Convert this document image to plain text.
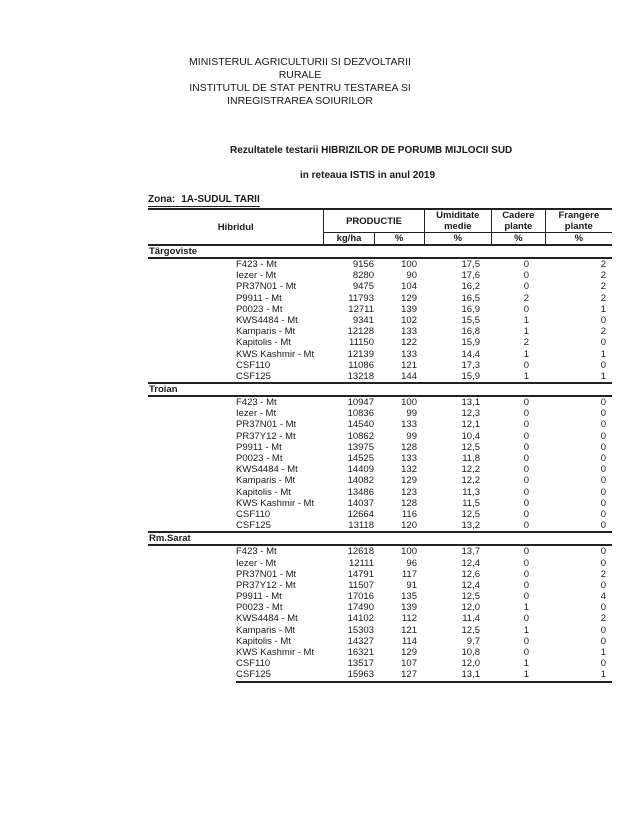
MINISTERUL AGRICULTURII SI DEZVOLTARII RURALE
INSTITUTUL DE STAT PENTRU TESTAREA SI
INREGISTRAREA SOIURILOR
Rezultatele testarii HIBRIZILOR DE PORUMB MIJLOCII SUD
in reteaua ISTIS in anul 2019
Zona: 1A-SUDUL TARII
Hibridul
PRODUCTIE
kg/ha	%
Umiditate medie
%
Cadere plante
%
Frangere plante
%
Târgoviste
F423 - Mt	9156	100	17,5	0	2
Iezer - Mt	8280	90	17,6	0	2
PR37N01 - Mt	9475	104	16,2	0	2
P9911 - Mt	11793	129	16,5	2	2
P0023 - Mt	12711	139	16,9	0	1
KWS4484 - Mt	9341	102	15,5	1	0
Kamparis - Mt	12128	133	16,8	1	2
Kapitolis - Mt	11150	122	15,9	2	0
KWS Kashmir - Mt	12139	133	14,4	1	1
CSF110	11086	121	17,3	0	0
CSF125	13218	144	15,9	1	1
Troian
F423 - Mt	10947	100	13,1	0	0
Iezer - Mt	10836	99	12,3	0	0
PR37N01 - Mt	14540	133	12,1	0	0
PR37Y12 - Mt	10862	99	10,4	0	0
P9911 - Mt	13975	128	12,5	0	0
P0023 - Mt	14525	133	11,8	0	0
KWS4484 - Mt	14409	132	12,2	0	0
Kamparis - Mt	14082	129	12,2	0	0
Kapitolis - Mt	13486	123	11,3	0	0
KWS Kashmir - Mt	14037	128	11,5	0	0
CSF110	12664	116	12,5	0	0
CSF125	13118	120	13,2	0	0
Rm.Sarat
F423 - Mt	12618	100	13,7	0	0
Iezer - Mt	12111	96	12,4	0	0
PR37N01 - Mt	14791	117	12,6	0	2
PR37Y12 - Mt	11507	91	12,4	0	0
P9911 - Mt	17016	135	12,5	0	4
P0023 - Mt	17490	139	12,0	1	0
KWS4484 - Mt	14102	112	11,4	0	2
Kamparis - Mt	15303	121	12,5	1	0
Kapitolis - Mt	14327	114	9,7	0	0
KWS Kashmir - Mt	16321	129	10,8	0	1
CSF110	13517	107	12,0	1	0
CSF125	15963	127	13,1	1	1
